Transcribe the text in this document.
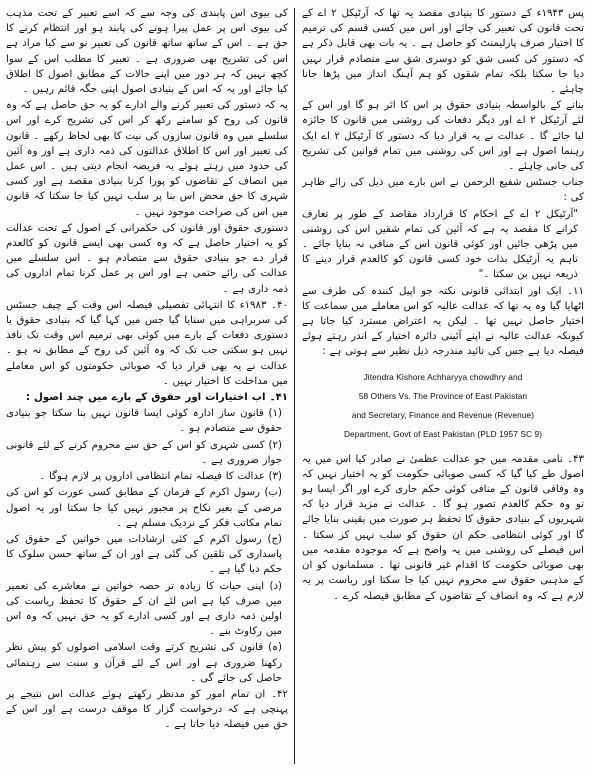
کی بیوی اس پابندی کی وجہ سے کہ اسے تعبیر کے تحت مذہب کی بیوی اس پر عمل پیرا ہونے کی پابند ہو اور انتظام کرنے کا حق ہے ۔ اس کے ساتھ ساتھ قانون کی تعبیر نو سے کیا مراد ہے اس کی تشریح بھی ضروری ہے ۔ تعبیر کا مطلب اس کے سوا کچھ نہیں کہ ہر دور میں اپنے حالات کے مطابق اصول کا اطلاق کیا جائے اور یہ کہ اس کے بنیادی اصول اپنی جگہ قائم رہیں ۔

یہ کہ دستور کی تعبیر کرنے والے ادارے کو یہ حق حاصل ہے کہ وہ قانون کی روح کو سامنے رکھ کر اس کی تشریح کرے اور اس سلسلے میں وہ قانون سازوں کی نیت کا بھی لحاظ رکھے ۔ قانون کی تعبیر اور اس کا اطلاق عدالتوں کی ذمہ داری ہے اور وہ آئین کی حدود میں رہتے ہوئے یہ فریضہ انجام دیتی ہیں ۔ اس عمل میں انصاف کے تقاضوں کو پورا کرنا بنیادی مقصد ہے اور کسی شہری کا حق محض اس بنا پر سلب نہیں کیا جا سکتا کہ قانون میں اس کی صراحت موجود نہیں ۔

دستوری حقوق اور قانون کی حکمرانی کے اصول کے تحت عدالت کو یہ اختیار حاصل ہے کہ وہ کسی بھی ایسے قانون کو کالعدم قرار دے جو بنیادی حقوق سے متصادم ہو ۔ اس سلسلے میں عدالت کی رائے حتمی ہے اور اس پر عمل کرنا تمام اداروں کی ذمہ داری ہے ۔

۴۰۔ ۱۹۸۳ء کا انتہائی تفصیلی فیصلہ اس وقت کے چیف جسٹس کی سربراہی میں سنایا گیا جس میں کہا گیا کہ بنیادی حقوق یا دستوری دفعات کے بارے میں کوئی بھی ترمیم اس وقت تک نافذ نہیں ہو سکتی جب تک کہ وہ آئین کی روح کے مطابق نہ ہو ۔ عدالت نے یہ بھی قرار دیا کہ صوبائی حکومتوں کو اس معاملے میں مداخلت کا اختیار نہیں ۔

۴۱۔ اب اختیارات اور حقوق کے بارے میں چند اصول :

(۱) قانون ساز ادارہ کوئی ایسا قانون نہیں بنا سکتا جو بنیادی حقوق سے متصادم ہو ۔

(۲) کسی شہری کو اس کے حق سے محروم کرنے کے لئے قانونی جواز ضروری ہے ۔

(۳) عدالت کا فیصلہ تمام انتظامی اداروں پر لازم ہوگا ۔

(ب) رسول اکرم کے فرمان کے مطابق کسی عورت کو اس کی مرضی کے بغیر نکاح پر مجبور نہیں کیا جا سکتا اور یہ اصول تمام مکاتب فکر کے نزدیک مسلم ہے ۔

(ج) رسول اکرم کے کئی ارشادات میں خواتین کے حقوق کی پاسداری کی تلقین کی گئی ہے اور ان کے ساتھ حسن سلوک کا حکم دیا گیا ہے ۔

(د) اپنی حیات کا زیادہ تر حصہ خواتین نے معاشرے کی تعمیر میں صرف کیا ہے اس لئے ان کے حقوق کا تحفظ ریاست کی اولین ذمہ داری ہے اور کسی ادارے کو یہ حق نہیں کہ وہ اس میں رکاوٹ بنے ۔

(ہ) قانون کی تشریح کرتے وقت اسلامی اصولوں کو پیش نظر رکھنا ضروری ہے اور اس کے لئے قرآن و سنت سے رہنمائی حاصل کی جائے گی ۔

۴۲۔ ان تمام امور کو مدنظر رکھتے ہوئے عدالت اس نتیجے پر پہنچی ہے کہ درخواست گزار کا موقف درست ہے اور اس کے حق میں فیصلہ دیا جاتا ہے ۔

پس ۱۹۴۳ء کے دستور کا بنیادی مقصد یہ تھا کہ آرٹیکل ۲ اے کے تحت قانون کی تعبیر کی جائے اور اس میں کسی قسم کی ترمیم کا اختیار صرف پارلیمنٹ کو حاصل ہے ۔ یہ بات بھی قابل ذکر ہے کہ دستور کی کسی شق کو دوسری شق سے متصادم قرار نہیں دیا جا سکتا بلکہ تمام شقوں کو ہم آہنگ انداز میں پڑھا جانا چاہئے ۔

بنانے کے بالواسطہ بنیادی حقوق پر اس کا اثر ہو گا اور اس کے لئے آرٹیکل ۲ اے اور دیگر دفعات کی روشنی میں قانون کا جائزہ لیا جائے گا ۔ عدالت نے یہ قرار دیا کہ دستور کا آرٹیکل ۲ اے ایک رہنما اصول ہے اور اس کی روشنی میں تمام قوانین کی تشریح کی جانی چاہئے ۔

جناب جسٹس شفیع الرحمن نے اس بارے میں ذیل کی رائے ظاہر کی :

"آرٹیکل ۲ اے کے احکام کا قرارداد مقاصد کے طور پر تعارف کرانے کا مقصد یہ ہے کہ آئین کی تمام شقیں اس کی روشنی میں پڑھی جائیں اور کوئی قانون اس کے منافی نہ بنایا جائے ۔ تاہم یہ آرٹیکل بذات خود کسی قانون کو کالعدم قرار دینے کا ذریعہ نہیں بن سکتا ۔"

۱۱۔ ایک اور ابتدائی قانونی نکتہ جو اپیل کنندہ کی طرف سے اٹھایا گیا وہ یہ تھا کہ عدالت عالیہ کو اس معاملے میں سماعت کا اختیار حاصل نہیں تھا ۔ لیکن یہ اعتراض مسترد کیا جاتا ہے کیونکہ عدالت عالیہ نے اپنے آئینی دائرہ اختیار کے اندر رہتے ہوئے فیصلہ دیا ہے جس کی تائید مندرجہ ذیل نظیر سے ہوتی ہے :

Jitendra Kishore Achharyya chowdhry and
58 Others Vs. The Province of East Pakistan
and Secretary, Finance and Revenue (Revenue)
Department, Govt of East Pakistan (PLD 1957 SC 9)

۴۳۔ نامی مقدمہ میں جو عدالت عظمیٰ نے صادر کیا اس میں یہ اصول طے کیا گیا کہ کسی صوبائی حکومت کو یہ اختیار نہیں کہ وہ وفاقی قانون کے منافی کوئی حکم جاری کرے اور اگر ایسا ہو تو وہ حکم کالعدم تصور ہو گا ۔ عدالت نے مزید قرار دیا کہ شہریوں کے بنیادی حقوق کا تحفظ ہر صورت میں یقینی بنایا جائے گا اور کوئی انتظامی حکم ان حقوق کو سلب نہیں کر سکتا ۔ اس فیصلے کی روشنی میں یہ واضح ہے کہ موجودہ مقدمہ میں بھی صوبائی حکومت کا اقدام غیر قانونی تھا ۔ مسلمانوں کو ان کے مذہبی حقوق سے محروم نہیں کیا جا سکتا اور ریاست پر یہ لازم ہے کہ وہ انصاف کے تقاضوں کے مطابق فیصلہ کرے ۔
